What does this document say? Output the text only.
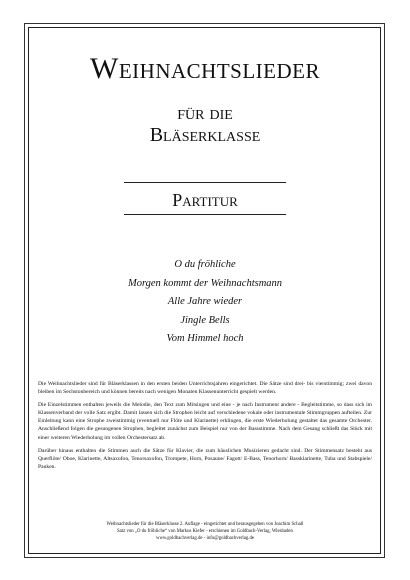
Weihnachtslieder
für die
Bläserklasse
Partitur
O du fröhliche
Morgen kommt der Weihnachtsmann
Alle Jahre wieder
Jingle Bells
Vom Himmel hoch

Die Weihnachtslieder sind für Bläserklassen in den ersten beiden Unterrichtsjahren eingerichtet. Die Sätze sind drei- bis vierstimmig; zwei davon bleiben im Sechstonbereich und können bereits nach wenigen Monaten Klassenunterricht gespielt werden.

Die Einzelstimmen enthalten jeweils die Melodie, den Text zum Mitsingen und eine - je nach Instrument andere - Begleitstimme, so dass sich im Klassenverband der volle Satz ergibt. Damit lassen sich die Strophen leicht auf verschiedene vokale oder instrumentale Stimmgruppen aufteilen. Zur Einleitung kann eine Strophe zweistimmig (eventuell nur Flöte und Klarinette) erklingen, die erste Wiederholung gestaltet das gesamte Orchester. Anschließend folgen die gesungenen Strophen, begleitet zunächst zum Beispiel nur von der Bassstimme. Nach dem Gesang schließt das Stück mit einer weiteren Wiederholung im vollen Orchestersatz ab.

Darüber hinaus enthalten die Stimmen auch die Sätze für Klavier, die zum häuslichen Musizieren gedacht sind. Der Stimmensatz besteht aus Querflöte/ Oboe, Klarinette, Altsaxofon, Tenorsaxofon, Trompete, Horn, Posaune/ Fagott/ E-Bass, Tenorhorn/ Bassklarinette, Tuba und Stabspiele/ Pauken.

Weihnachtslieder für die Bläserklasse 2. Auflage - eingerichtet und herausgegeben von Joachim Schall
Satz von „O du fröhliche“ von Markus Kiefer - erschienen im Goldbach-Verlag, Wiesbaden
www.goldbachverlag.de - info@goldbachverlag.de
